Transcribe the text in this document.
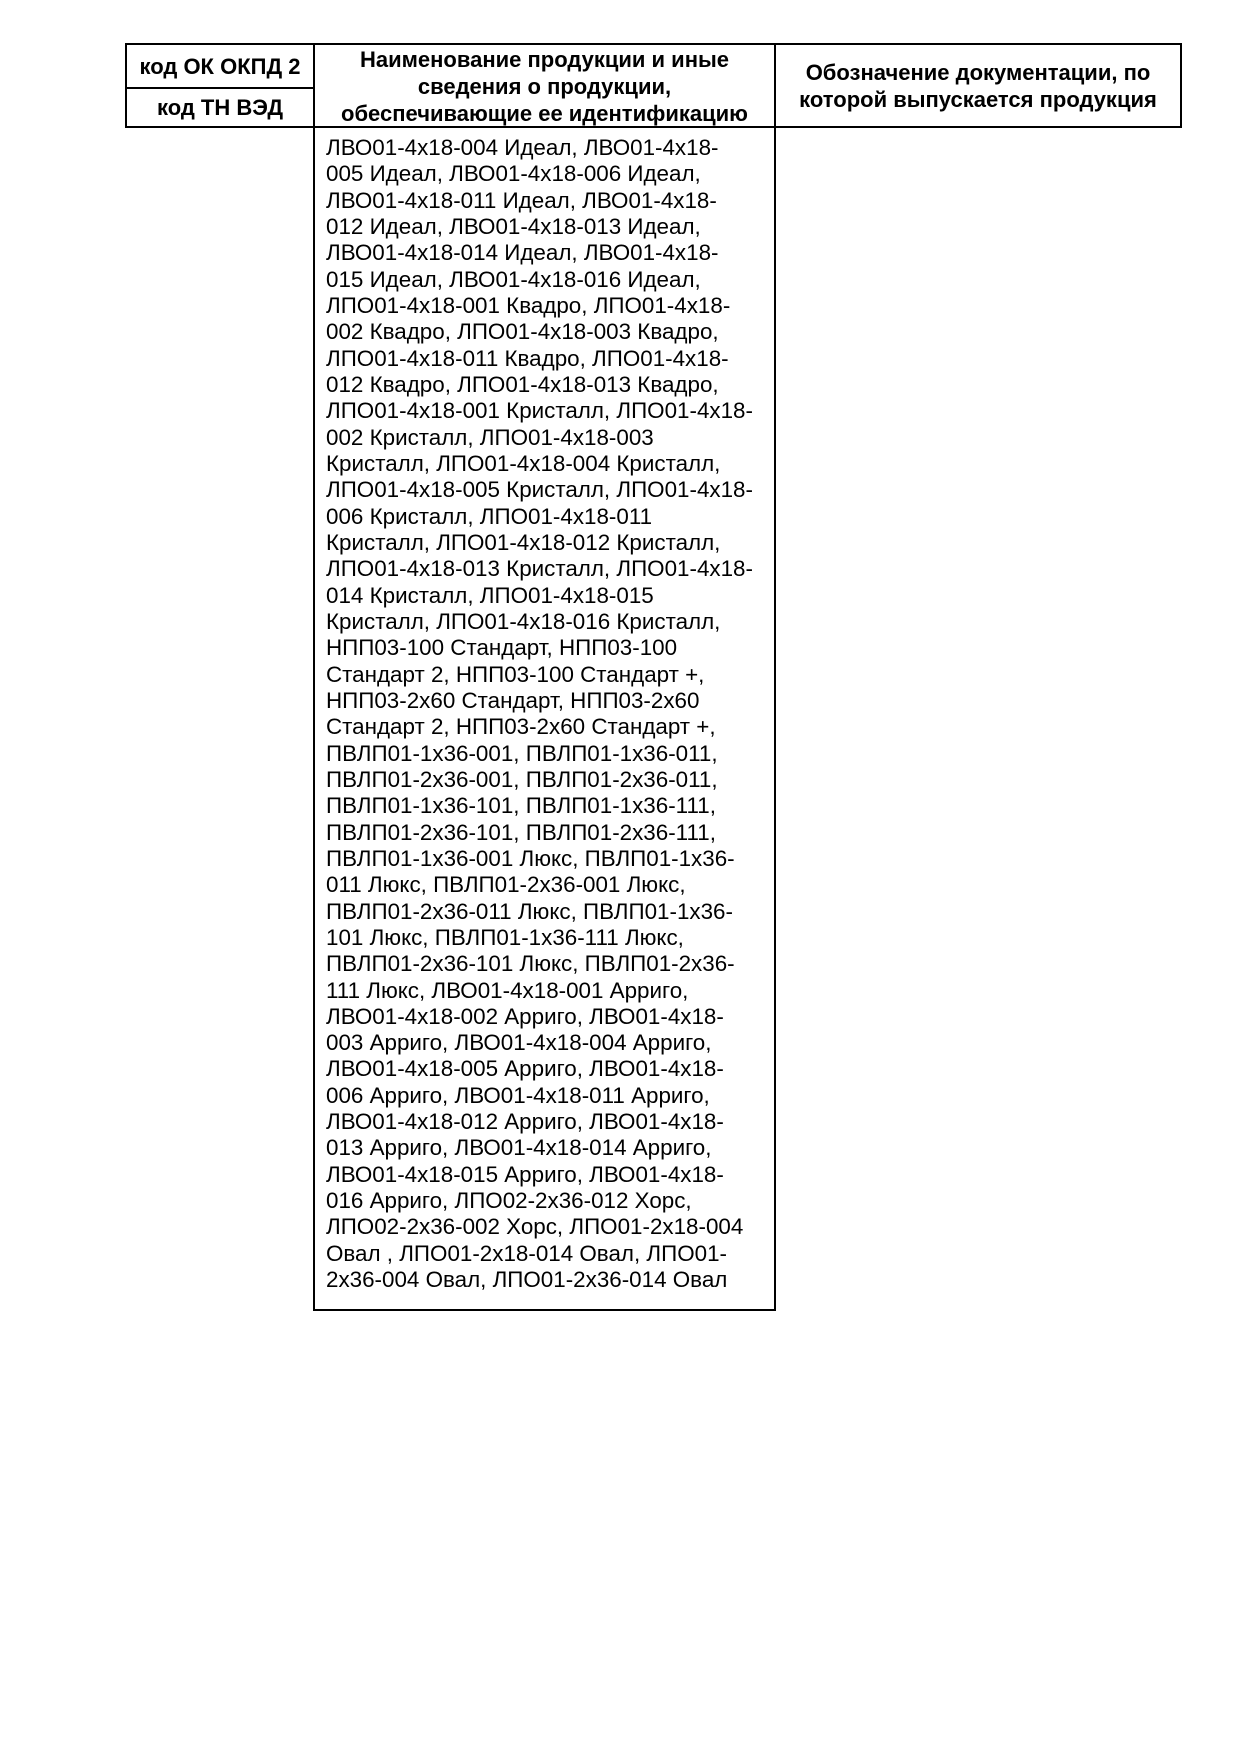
код ОК ОКПД 2
код ТН ВЭД
Наименование продукции и иные сведения о продукции, обеспечивающие ее идентификацию
Обозначение документации, по которой выпускается продукция
ЛВО01-4х18-004 Идеал, ЛВО01-4х18-
005 Идеал, ЛВО01-4х18-006 Идеал,
ЛВО01-4х18-011 Идеал, ЛВО01-4х18-
012 Идеал, ЛВО01-4х18-013 Идеал,
ЛВО01-4х18-014 Идеал, ЛВО01-4х18-
015 Идеал, ЛВО01-4х18-016 Идеал,
ЛПО01-4х18-001 Квадро, ЛПО01-4х18-
002 Квадро, ЛПО01-4х18-003 Квадро,
ЛПО01-4х18-011 Квадро, ЛПО01-4х18-
012 Квадро, ЛПО01-4х18-013 Квадро,
ЛПО01-4х18-001 Кристалл, ЛПО01-4х18-
002 Кристалл, ЛПО01-4х18-003
Кристалл, ЛПО01-4х18-004 Кристалл,
ЛПО01-4х18-005 Кристалл, ЛПО01-4х18-
006 Кристалл, ЛПО01-4х18-011
Кристалл, ЛПО01-4х18-012 Кристалл,
ЛПО01-4х18-013 Кристалл, ЛПО01-4х18-
014 Кристалл, ЛПО01-4х18-015
Кристалл, ЛПО01-4х18-016 Кристалл,
НПП03-100 Стандарт, НПП03-100
Стандарт 2, НПП03-100 Стандарт +,
НПП03-2х60 Стандарт, НПП03-2х60
Стандарт 2, НПП03-2х60 Стандарт +,
ПВЛП01-1х36-001, ПВЛП01-1х36-011,
ПВЛП01-2х36-001, ПВЛП01-2х36-011,
ПВЛП01-1х36-101, ПВЛП01-1х36-111,
ПВЛП01-2х36-101, ПВЛП01-2х36-111,
ПВЛП01-1х36-001 Люкс, ПВЛП01-1х36-
011 Люкс, ПВЛП01-2х36-001 Люкс,
ПВЛП01-2х36-011 Люкс, ПВЛП01-1х36-
101 Люкс, ПВЛП01-1х36-111 Люкс,
ПВЛП01-2х36-101 Люкс, ПВЛП01-2х36-
111 Люкс, ЛВО01-4х18-001 Арриго,
ЛВО01-4х18-002 Арриго, ЛВО01-4х18-
003 Арриго, ЛВО01-4х18-004 Арриго,
ЛВО01-4х18-005 Арриго, ЛВО01-4х18-
006 Арриго, ЛВО01-4х18-011 Арриго,
ЛВО01-4х18-012 Арриго, ЛВО01-4х18-
013 Арриго, ЛВО01-4х18-014 Арриго,
ЛВО01-4х18-015 Арриго, ЛВО01-4х18-
016 Арриго, ЛПО02-2х36-012 Хорс,
ЛПО02-2х36-002 Хорс, ЛПО01-2х18-004
Овал , ЛПО01-2х18-014 Овал, ЛПО01-
2х36-004 Овал, ЛПО01-2х36-014 Овал
